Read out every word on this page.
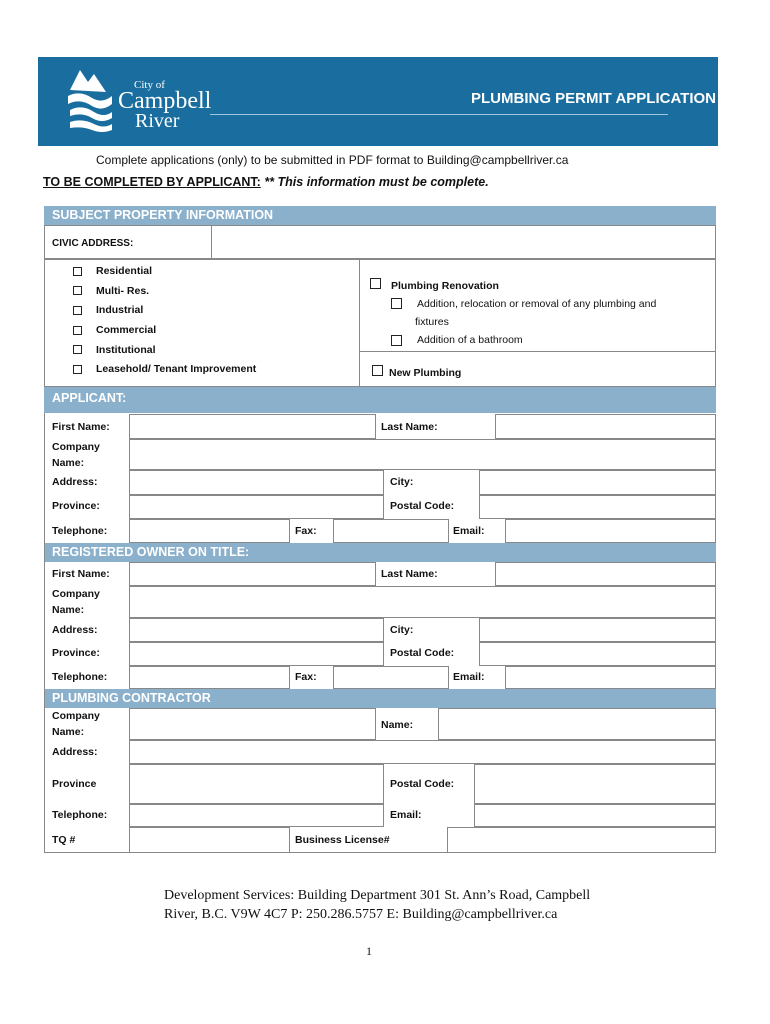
City of
Campbell
River
PLUMBING PERMIT APPLICATION
Complete applications (only) to be submitted in PDF format to Building@campbellriver.ca
TO BE COMPLETED BY APPLICANT: ** This information must be complete.
SUBJECT PROPERTY INFORMATION
CIVIC ADDRESS:
Residential
Multi- Res.
Industrial
Commercial
Institutional
Leasehold/ Tenant Improvement
Plumbing Renovation
Addition, relocation or removal of any plumbing and
fixtures
Addition of a bathroom
New Plumbing
APPLICANT:
First Name:	Last Name:
Company
Name:
Address:	City:
Province:	Postal Code:
Telephone:	Fax:	Email:
REGISTERED OWNER ON TITLE:
First Name:	Last Name:
Company
Name:
Address:	City:
Province:	Postal Code:
Telephone:	Fax:	Email:
PLUMBING CONTRACTOR
Company
Name:
Name:
Address:
Province	Postal Code:
Telephone:	Email:
TQ #	Business License#
Development Services: Building Department 301 St. Ann’s Road, Campbell
River, B.C. V9W 4C7 P: 250.286.5757 E: Building@campbellriver.ca
1
